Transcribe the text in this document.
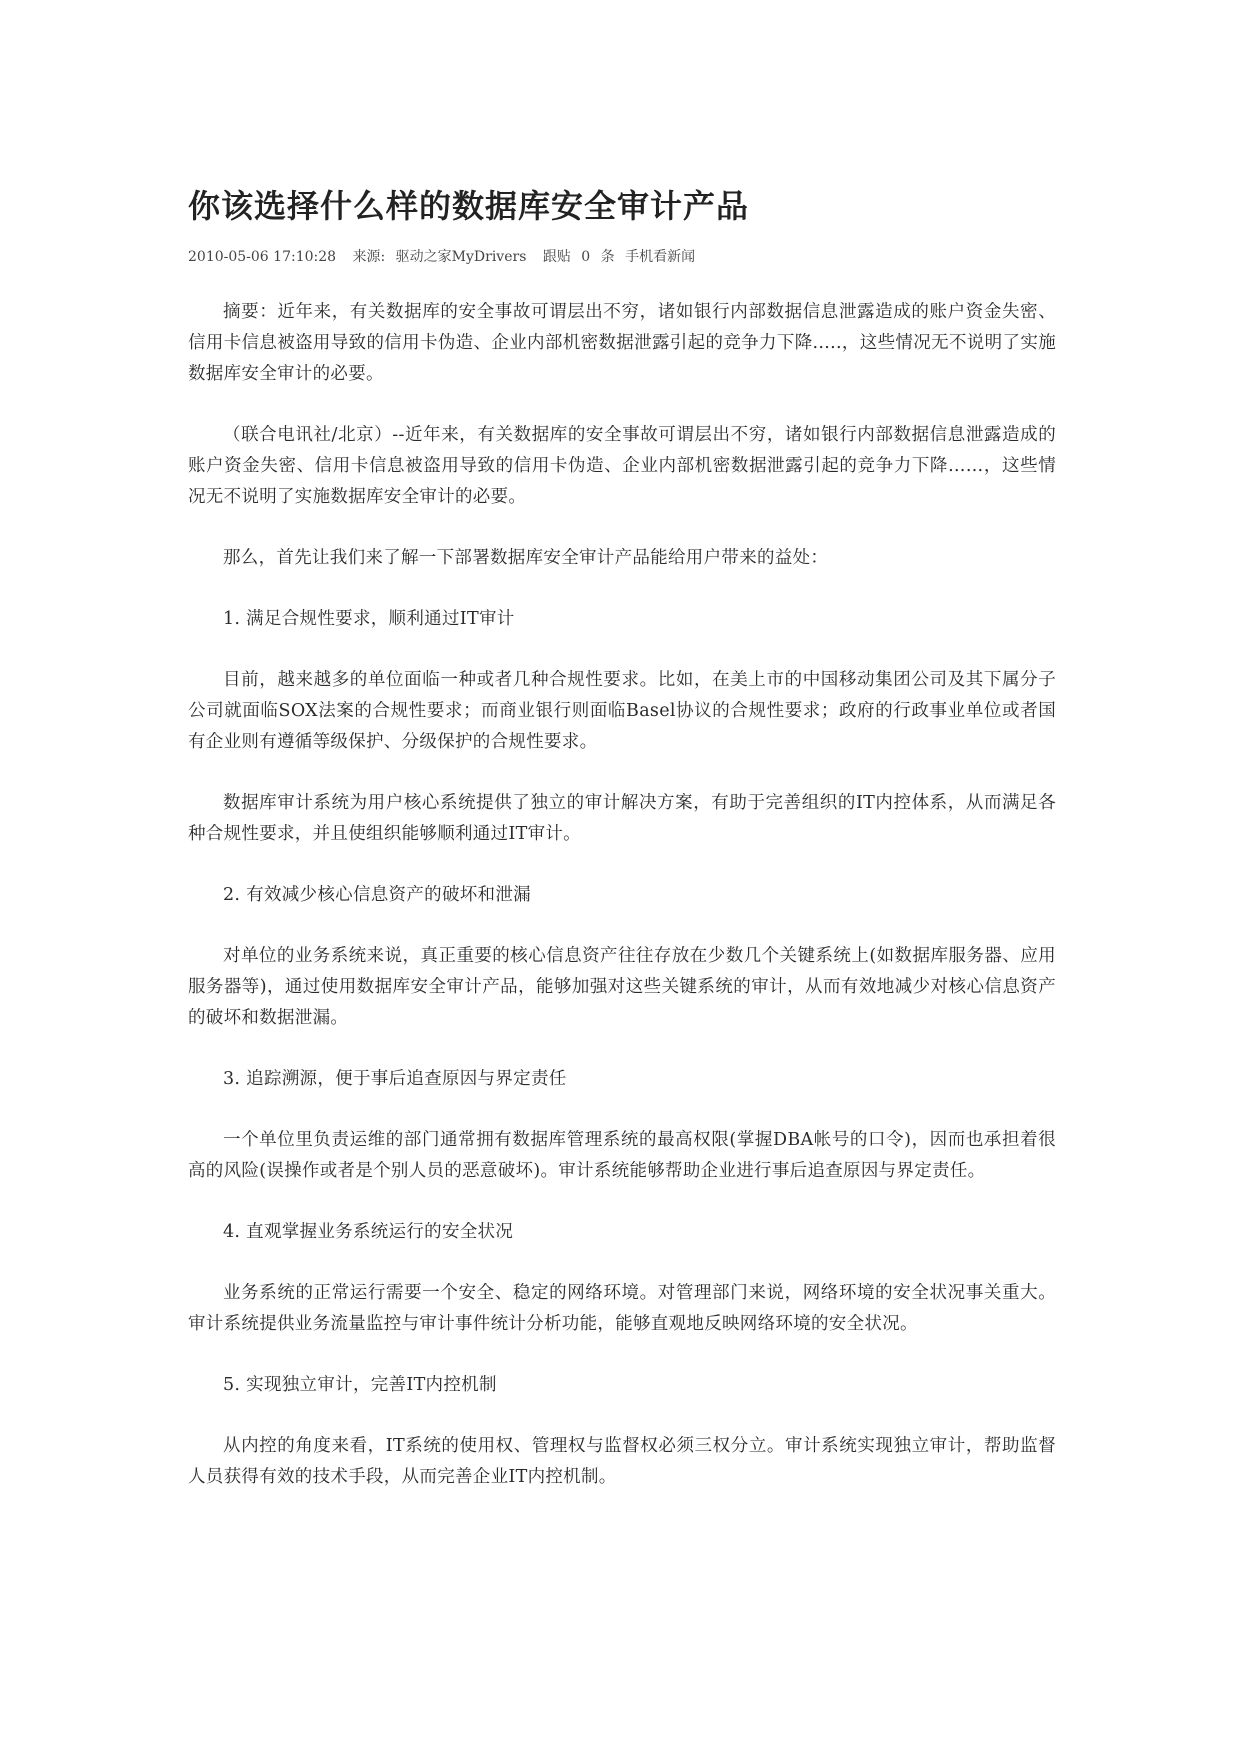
你该选择什么样的数据库安全审计产品
2010-05-06 17:10:28 来源: 驱动之家MyDrivers 跟贴 0 条 手机看新闻

摘要：近年来，有关数据库的安全事故可谓层出不穷，诸如银行内部数据信息泄露造成的账户资金失密、信用卡信息被盗用导致的信用卡伪造、企业内部机密数据泄露引起的竞争力下降.....，这些情况无不说明了实施数据库安全审计的必要。

（联合电讯社/北京）--近年来，有关数据库的安全事故可谓层出不穷，诸如银行内部数据信息泄露造成的账户资金失密、信用卡信息被盗用导致的信用卡伪造、企业内部机密数据泄露引起的竞争力下降……，这些情况无不说明了实施数据库安全审计的必要。

那么，首先让我们来了解一下部署数据库安全审计产品能给用户带来的益处：

1. 满足合规性要求，顺利通过IT审计

目前，越来越多的单位面临一种或者几种合规性要求。比如，在美上市的中国移动集团公司及其下属分子公司就面临SOX法案的合规性要求；而商业银行则面临Basel协议的合规性要求；政府的行政事业单位或者国有企业则有遵循等级保护、分级保护的合规性要求。

数据库审计系统为用户核心系统提供了独立的审计解决方案，有助于完善组织的IT内控体系，从而满足各种合规性要求，并且使组织能够顺利通过IT审计。

2. 有效减少核心信息资产的破坏和泄漏

对单位的业务系统来说，真正重要的核心信息资产往往存放在少数几个关键系统上(如数据库服务器、应用服务器等)，通过使用数据库安全审计产品，能够加强对这些关键系统的审计，从而有效地减少对核心信息资产的破坏和数据泄漏。

3. 追踪溯源，便于事后追查原因与界定责任

一个单位里负责运维的部门通常拥有数据库管理系统的最高权限(掌握DBA帐号的口令)，因而也承担着很高的风险(误操作或者是个别人员的恶意破坏)。审计系统能够帮助企业进行事后追查原因与界定责任。

4. 直观掌握业务系统运行的安全状况

业务系统的正常运行需要一个安全、稳定的网络环境。对管理部门来说，网络环境的安全状况事关重大。审计系统提供业务流量监控与审计事件统计分析功能，能够直观地反映网络环境的安全状况。

5. 实现独立审计，完善IT内控机制

从内控的角度来看，IT系统的使用权、管理权与监督权必须三权分立。审计系统实现独立审计，帮助监督人员获得有效的技术手段，从而完善企业IT内控机制。
